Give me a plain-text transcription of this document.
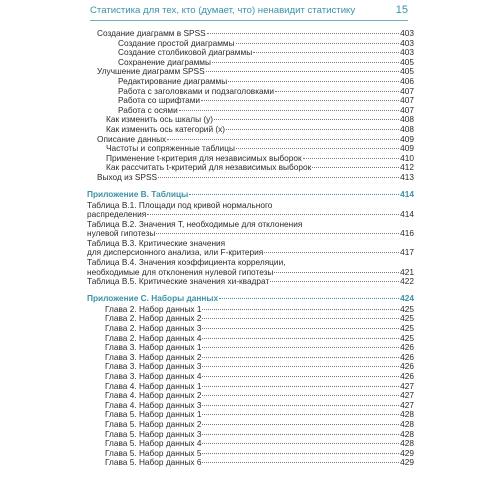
Статистика для тех, кто (думает, что) ненавидит статистику	15
Создание диаграмм в SPSS	403
Создание простой диаграммы	403
Создание столбиковой диаграммы	403
Сохранение диаграммы	405
Улучшение диаграмм SPSS	405
Редактирование диаграммы	406
Работа с заголовками и подзаголовками	407
Работа со шрифтами	407
Работа с осями	407
Как изменить ось шкалы (y)	408
Как изменить ось категорий (x)	408
Описание данных	409
Частоты и сопряженные таблицы	409
Применение t-критерия для независимых выборок	410
Как рассчитать t-критерий для независимых выборок	412
Выход из SPSS	413
Приложение B. Таблицы	414
Таблица B.1. Площади под кривой нормального
распределения	414
Таблица B.2. Значения T, необходимые для отклонения
нулевой гипотезы	416
Таблица B.3. Критические значения
для дисперсионного анализа, или F-критерия	417
Таблица B.4. Значения коэффициента корреляции,
необходимые для отклонения нулевой гипотезы	421
Таблица B.5. Критические значения хи-квадрат	422
Приложение C. Наборы данных	424
Глава 2. Набор данных 1	425
Глава 2. Набор данных 2	425
Глава 2. Набор данных 3	425
Глава 2. Набор данных 4	425
Глава 3. Набор данных 1	426
Глава 3. Набор данных 2	426
Глава 3. Набор данных 3	426
Глава 3. Набор данных 4	426
Глава 4. Набор данных 1	427
Глава 4. Набор данных 2	427
Глава 4. Набор данных 3	427
Глава 5. Набор данных 1	428
Глава 5. Набор данных 2	428
Глава 5. Набор данных 3	428
Глава 5. Набор данных 4	428
Глава 5. Набор данных 5	429
Глава 5. Набор данных 6	429
